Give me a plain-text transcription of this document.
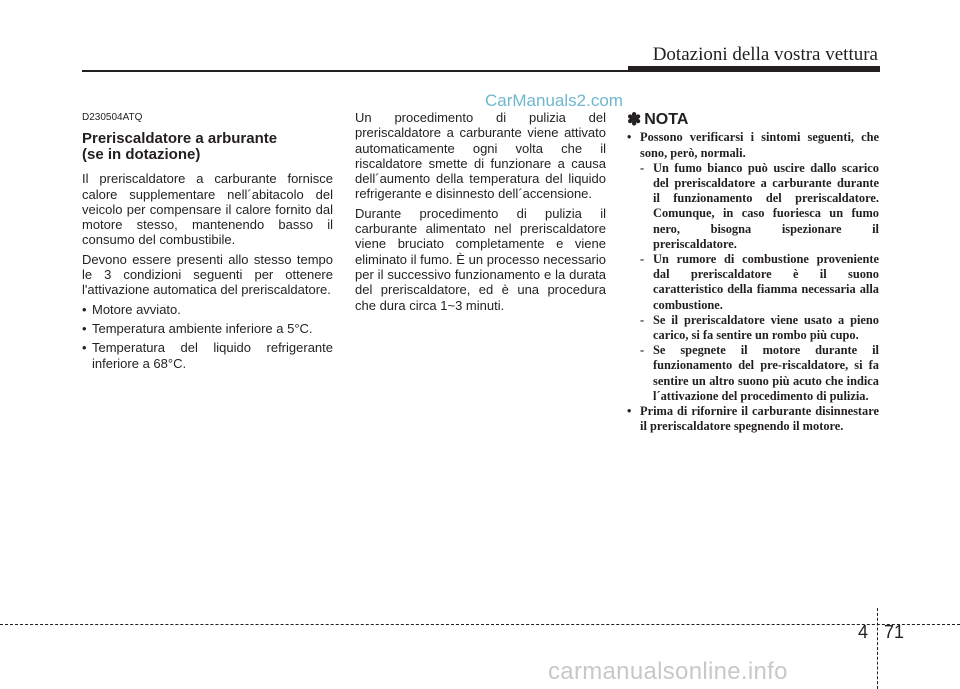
Dotazioni della vostra vettura
CarManuals2.com
D230504ATQ
Preriscaldatore a arburante
(se in dotazione)

Il preriscaldatore a carburante fornisce calore supplementare nell´abitacolo del veicolo per compensare il calore fornito dal motore stesso, mantenendo basso il consumo del combustibile.

Devono essere presenti allo stesso tempo le 3 condizioni seguenti per ottenere l'attivazione automatica del preriscaldatore.

• Motore avviato.
• Temperatura ambiente inferiore a 5°C.
• Temperatura del liquido refrigerante inferiore a 68°C.

Un procedimento di pulizia del preriscaldatore a carburante viene attivato automaticamente ogni volta che il riscaldatore smette di funzionare a causa dell´aumento della temperatura del liquido refrigerante e disinnesto dell´accensione.

Durante procedimento di pulizia il carburante alimentato nel preriscaldatore viene bruciato completamente e viene eliminato il fumo. È un processo necessario per il successivo funzionamento e la durata del preriscaldatore, ed è una procedura che dura circa 1~3 minuti.

✽ NOTA
• Possono verificarsi i sintomi seguenti, che sono, però, normali.
- Un fumo bianco può uscire dallo scarico del preriscaldatore a carburante durante il funzionamento del preriscaldatore. Comunque, in caso fuoriesca un fumo nero, bisogna ispezionare il preriscaldatore.
- Un rumore di combustione proveniente dal preriscaldatore è il suono caratteristico della fiamma necessaria alla combustione.
- Se il preriscaldatore viene usato a pieno carico, si fa sentire un rombo più cupo.
- Se spegnete il motore durante il funzionamento del pre-riscaldatore, si fa sentire un altro suono più acuto che indica l´attivazione del procedimento di pulizia.
• Prima di rifornire il carburante disinnestare il preriscaldatore spegnendo il motore.
4 71
carmanualsonline.info
